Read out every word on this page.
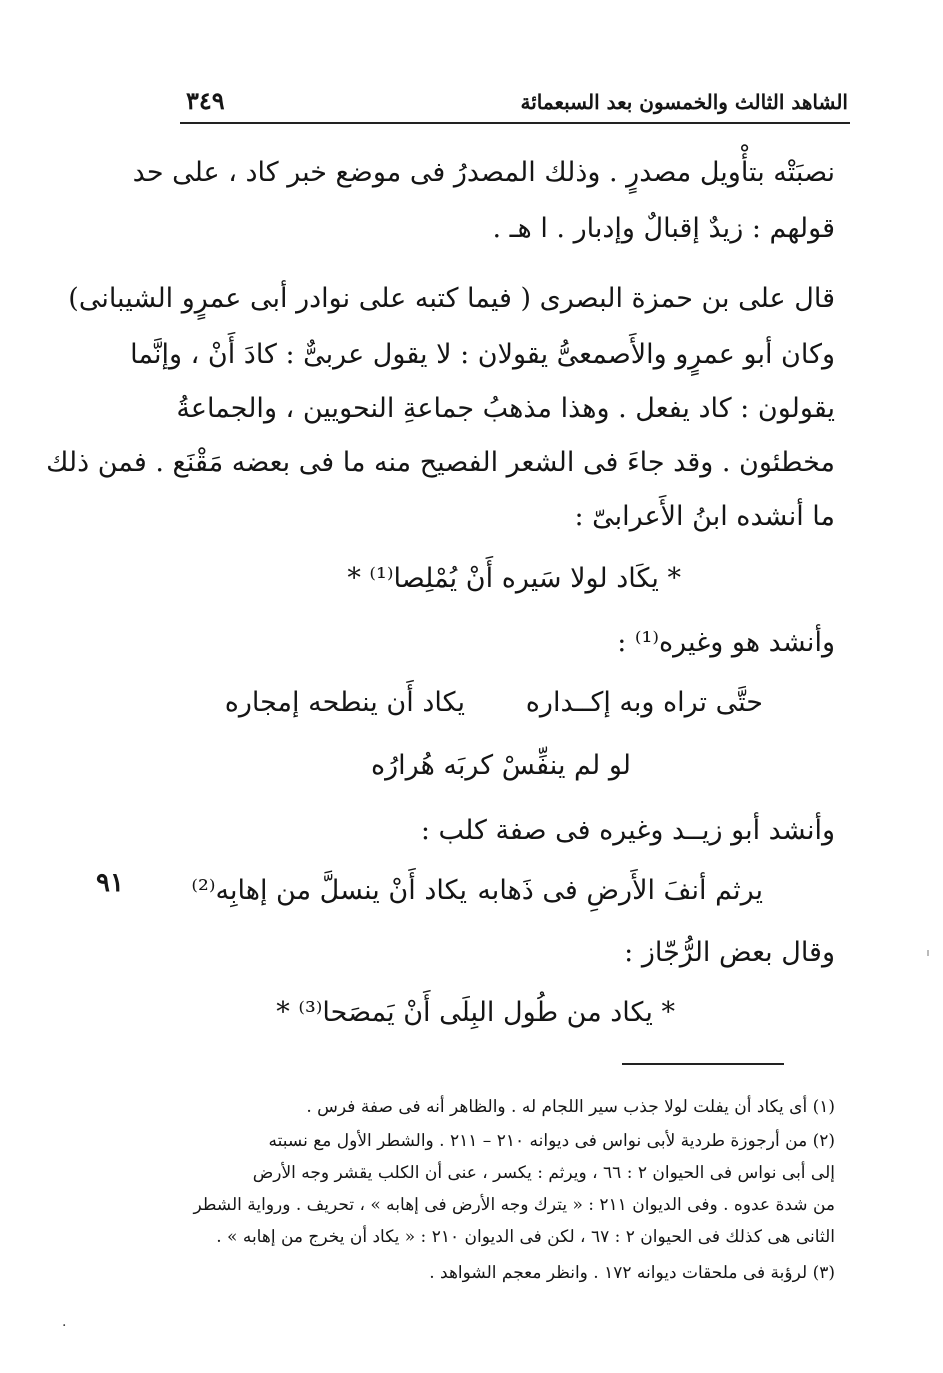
الشاهد الثالث والخمسون بعد السبعمائة
٣٤٩
نصبَتْه بتأْويل مصدرٍ . وذلك المصدرُ فى موضع خبر كاد ، على حد
قولهم : زيدٌ إقبالٌ وإدبار . ا هـ .
قال على بن حمزة البصرى ( فيما كتبه على نوادر أبى عمرٍو الشيبانى)
وكان أبو عمرٍو والأَصمعىُّ يقولان : لا يقول عربىٌّ : كادَ أَنْ ، وإنَّما
يقولون : كاد يفعل . وهذا مذهبُ جماعةِ النحويين ، والجماعةُ
مخطئون . وقد جاءَ فى الشعر الفصيح منه ما فى بعضه مَقْنَع . فمن ذلك
ما أنشده ابنُ الأَعرابىّ :
* يكَاد لولا سَيره أَنْ يُمْلِصا⁽¹⁾ *
وأنشد هو وغيره⁽¹⁾ :
حتَّى تراه وبه إكــداره
يكاد أَن ينطحه إمجاره
لو لم ينفِّسْ كربَه هُرارُه
وأنشد أبو زيــد وغيره فى صفة كلب :
يرثم أنفَ الأَرضِ فى ذَهابه
يكاد أَنْ ينسلَّ من إهابِه⁽²⁾
٩١
وقال بعض الرُّجّاز :
* يكاد من طُول البِلَى أَنْ يَمصَحا⁽³⁾ *
(١) أى يكاد أن يفلت لولا جذب سير اللجام له . والظاهر أنه فى صفة فرس .
(٢) من أرجوزة طردية لأبى نواس فى ديوانه ٢١٠ – ٢١١ . والشطر الأول مع نسبته
إلى أبى نواس فى الحيوان ٢ : ٦٦ ، ويرثم : يكسر ، عنى أن الكلب يقشر وجه الأرض
من شدة عدوه . وفى الديوان ٢١١ : « يترك وجه الأرض فى إهابه » ، تحريف . ورواية الشطر
الثانى هى كذلك فى الحيوان ٢ : ٦٧ ، لكن فى الديوان ٢١٠ : « يكاد أن يخرج من إهابه » .
(٣) لرؤبة فى ملحقات ديوانه ١٧٢ . وانظر معجم الشواهد .
·
